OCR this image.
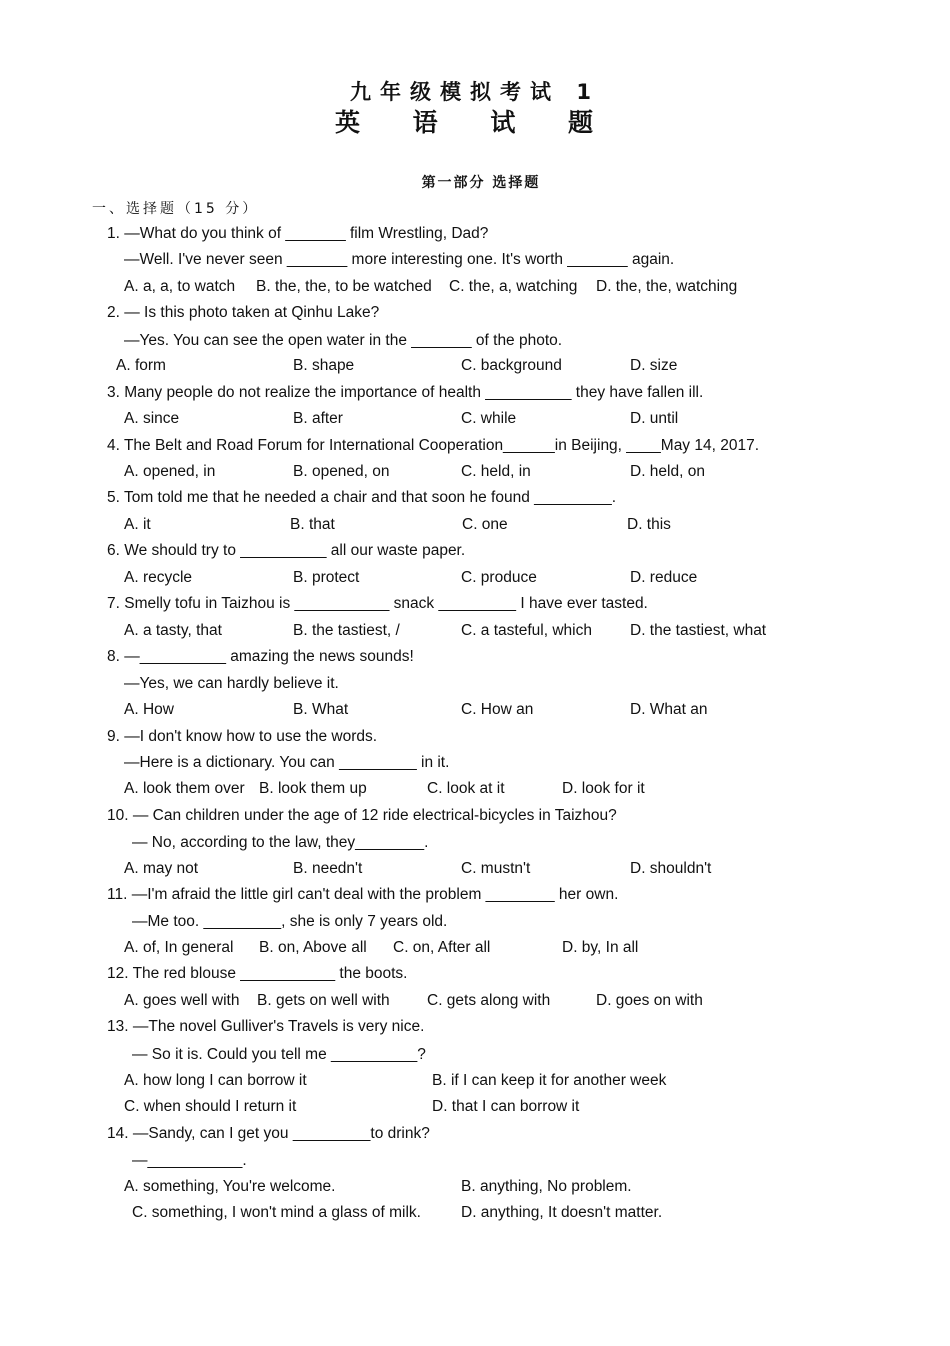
九年级模拟考试 1
英 语 试 题
第一部分 选择题
一、选择题（15 分）
1. —What do you think of _______ film Wrestling, Dad?
—Well. I've never seen _______ more interesting one. It's worth _______ again.
A. a, a, to watch B. the, the, to be watched C. the, a, watching D. the, the, watching
2. — Is this photo taken at Qinhu Lake?
—Yes. You can see the open water in the _______ of the photo.
A. form	B. shape	C. background	D. size
3. Many people do not realize the importance of health __________ they have fallen ill.
A. since	B. after	C. while	D. until
4. The Belt and Road Forum for International Cooperation______in Beijing, ____May 14, 2017.
A. opened, in	B. opened, on	C. held, in	D. held, on
5. Tom told me that he needed a chair and that soon he found _________.
A. it	B. that	C. one	D. this
6. We should try to __________ all our waste paper.
A. recycle	B. protect	C. produce	D. reduce
7. Smelly tofu in Taizhou is ___________ snack _________ I have ever tasted.
A. a tasty, that	B. the tastiest, /	C. a tasteful, which D. the tastiest, what
8. —__________ amazing the news sounds!
—Yes, we can hardly believe it.
A. How	B. What	C. How an	D. What an
9. —I don't know how to use the words.
—Here is a dictionary. You can _________ in it.
A. look them over B. look them up	C. look at it	D. look for it
10. — Can children under the age of 12 ride electrical-bicycles in Taizhou?
— No, according to the law, they________.
A. may not	B. needn't	C. mustn't	D. shouldn't
11. —I'm afraid the little girl can't deal with the problem ________ her own.
—Me too. _________, she is only 7 years old.
A. of, In general B. on, Above all C. on, After all	D. by, In all
12. The red blouse ___________ the boots.
A. goes well with B. gets on well with C. gets along with	D. goes on with
13. —The novel Gulliver's Travels is very nice.
— So it is. Could you tell me __________?
A. how long I can borrow it	B. if I can keep it for another week
C. when should I return it	D. that I can borrow it
14. —Sandy, can I get you _________to drink?
—___________.
A. something, You're welcome.	B. anything, No problem.
C. something, I won't mind a glass of milk.	D. anything, It doesn't matter.
